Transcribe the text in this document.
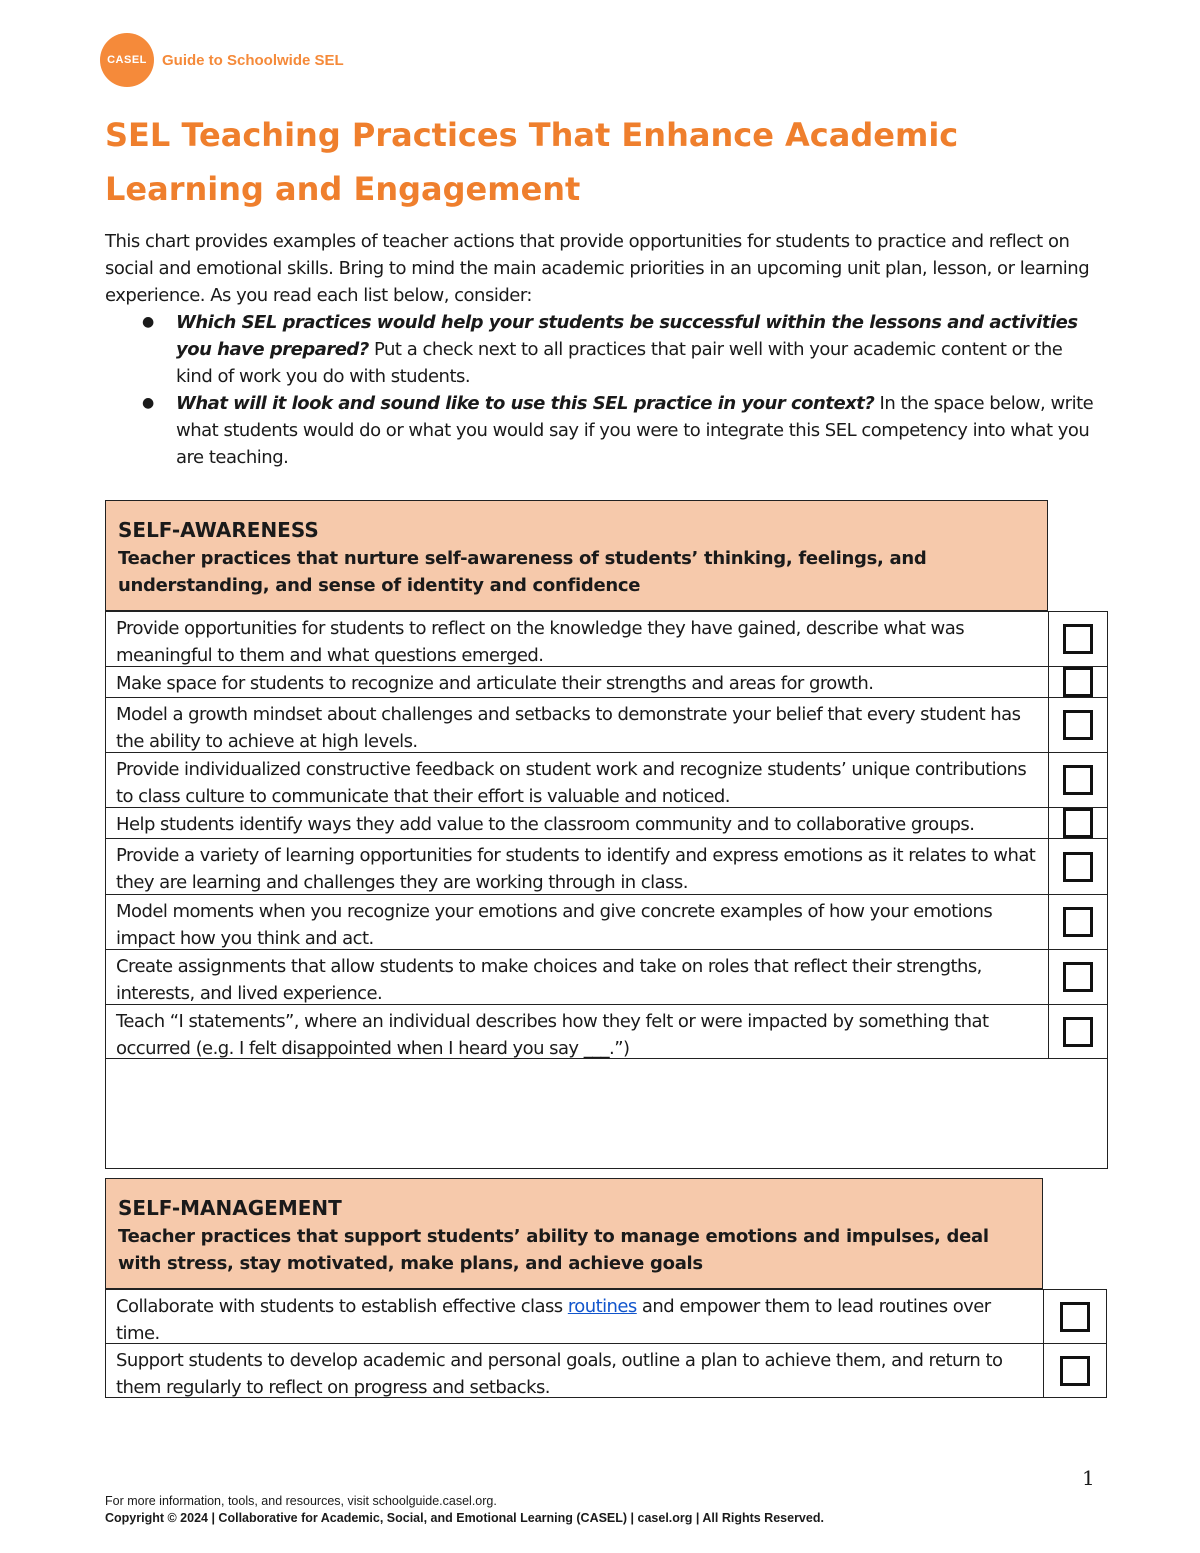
CASEL	Guide to Schoolwide SEL
SEL Teaching Practices That Enhance Academic Learning and Engagement

This chart provides examples of teacher actions that provide opportunities for students to practice and reflect on social and emotional skills. Bring to mind the main academic priorities in an upcoming unit plan, lesson, or learning experience. As you read each list below, consider:

● Which SEL practices would help your students be successful within the lessons and activities you have prepared? Put a check next to all practices that pair well with your academic content or the kind of work you do with students.
● What will it look and sound like to use this SEL practice in your context? In the space below, write what students would do or what you would say if you were to integrate this SEL competency into what you are teaching.
SELF-AWARENESS
Teacher practices that nurture self-awareness of students’ thinking, feelings, and understanding, and sense of identity and confidence
Provide opportunities for students to reflect on the knowledge they have gained, describe what was meaningful to them and what questions emerged.
Make space for students to recognize and articulate their strengths and areas for growth.
Model a growth mindset about challenges and setbacks to demonstrate your belief that every student has the ability to achieve at high levels.
Provide individualized constructive feedback on student work and recognize students’ unique contributions to class culture to communicate that their effort is valuable and noticed.
Help students identify ways they add value to the classroom community and to collaborative groups.
Provide a variety of learning opportunities for students to identify and express emotions as it relates to what they are learning and challenges they are working through in class.
Model moments when you recognize your emotions and give concrete examples of how your emotions impact how you think and act.
Create assignments that allow students to make choices and take on roles that reflect their strengths, interests, and lived experience.
Teach “I statements”, where an individual describes how they felt or were impacted by something that occurred (e.g. I felt disappointed when I heard you say ___.”)
SELF-MANAGEMENT
Teacher practices that support students’ ability to manage emotions and impulses, deal with stress, stay motivated, make plans, and achieve goals
Collaborate with students to establish effective class routines and empower them to lead routines over time.
Support students to develop academic and personal goals, outline a plan to achieve them, and return to them regularly to reflect on progress and setbacks.
1
For more information, tools, and resources, visit schoolguide.casel.org.
Copyright © 2024 | Collaborative for Academic, Social, and Emotional Learning (CASEL) | casel.org | All Rights Reserved.
